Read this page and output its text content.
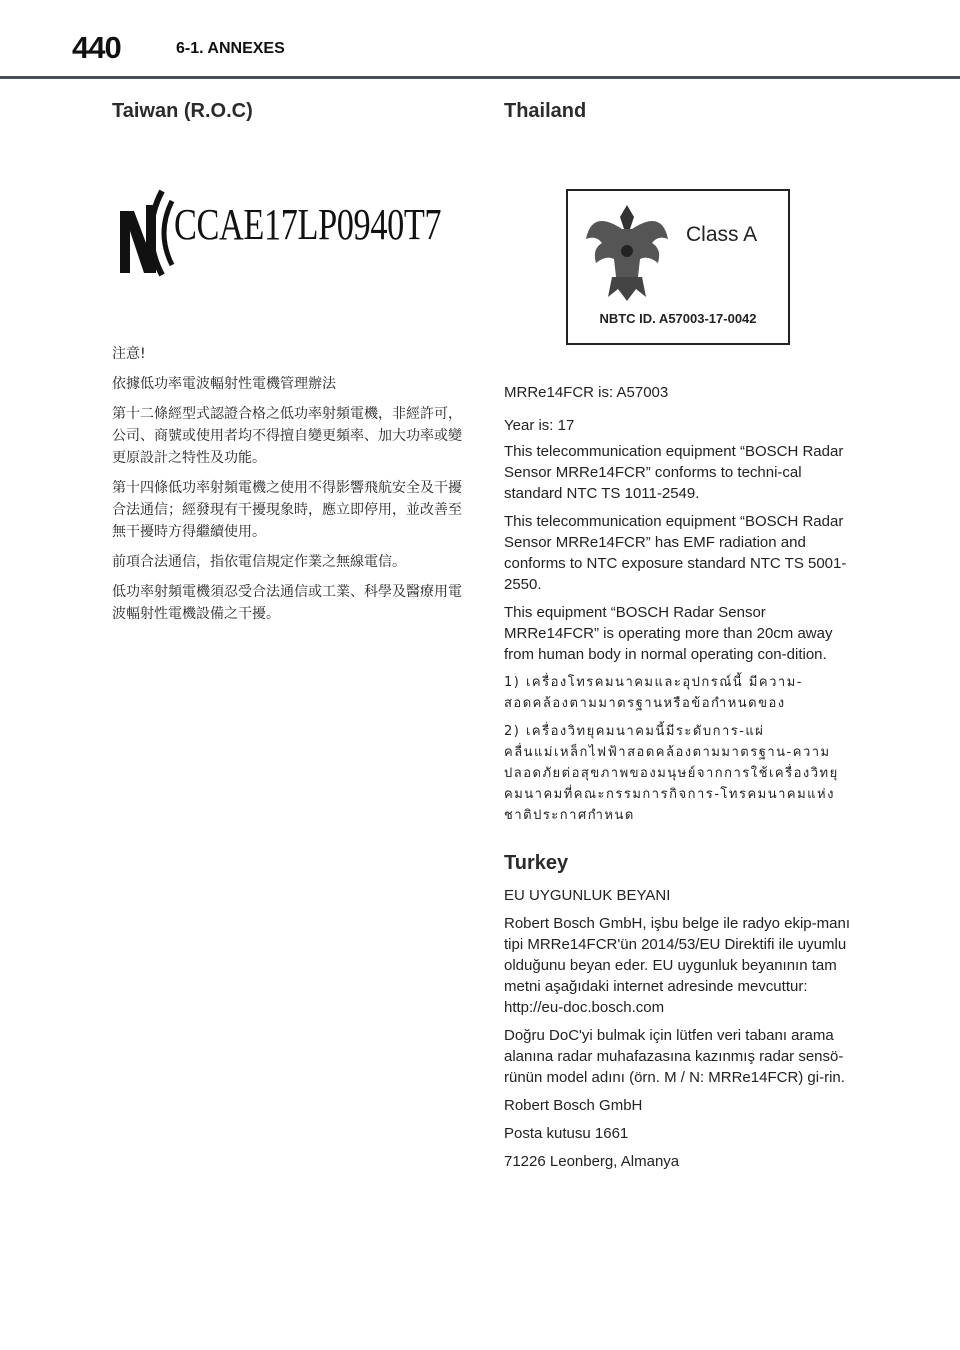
440	6-1. ANNEXES
Taiwan (R.O.C)
CCAE17LP0940T7

注意!

依據低功率電波輻射性電機管理辦法

第十二條經型式認證合格之低功率射頻電機，非經許可，公司、商號或使用者均不得擅自變更頻率、加大功率或變更原設計之特性及功能。

第十四條低功率射頻電機之使用不得影響飛航安全及干擾合法通信；經發現有干擾現象時，應立即停用，並改善至無干擾時方得繼續使用。

前項合法通信，指依電信規定作業之無線電信。

低功率射頻電機須忍受合法通信或工業、科學及醫療用電波輻射性電機設備之干擾。

Thailand
Class A
NBTC ID. A57003-17-0042

MRRe14FCR is: A57003

Year is: 17

This telecommunication equipment “BOSCH Radar Sensor MRRe14FCR” conforms to techni-cal standard NTC TS 1011-2549.

This telecommunication equipment “BOSCH Radar Sensor MRRe14FCR” has EMF radiation and conforms to NTC exposure standard NTC TS 5001-2550.

This equipment “BOSCH Radar Sensor MRRe14FCR” is operating more than 20cm away from human body in normal operating con-dition.

1) เครื่องโทรคมนาคมและอุปกรณ์นี้ มีความ-สอดคล้องตามมาตรฐานหรือข้อกำหนดของ

2) เครื่องวิทยุคมนาคมนี้มีระดับการ-แผ่คลื่นแม่เหล็กไฟฟ้าสอดคล้องตามมาตรฐาน-ความปลอดภัยต่อสุขภาพของมนุษย์จากการใช้เครื่องวิทยุคมนาคมที่คณะกรรมการกิจการ-โทรคมนาคมแห่งชาติประกาศกำหนด

Turkey

EU UYGUNLUK BEYANI

Robert Bosch GmbH, işbu belge ile radyo ekip-manı tipi MRRe14FCR'ün 2014/53/EU Direktifi ile uyumlu olduğunu beyan eder. EU uygunluk beyanının tam metni aşağıdaki internet adresinde mevcuttur: http://eu-doc.bosch.com

Doğru DoC'yi bulmak için lütfen veri tabanı arama alanına radar muhafazasına kazınmış radar sensö-rünün model adını (örn. M / N: MRRe14FCR) gi-rin.

Robert Bosch GmbH

Posta kutusu 1661

71226 Leonberg, Almanya
